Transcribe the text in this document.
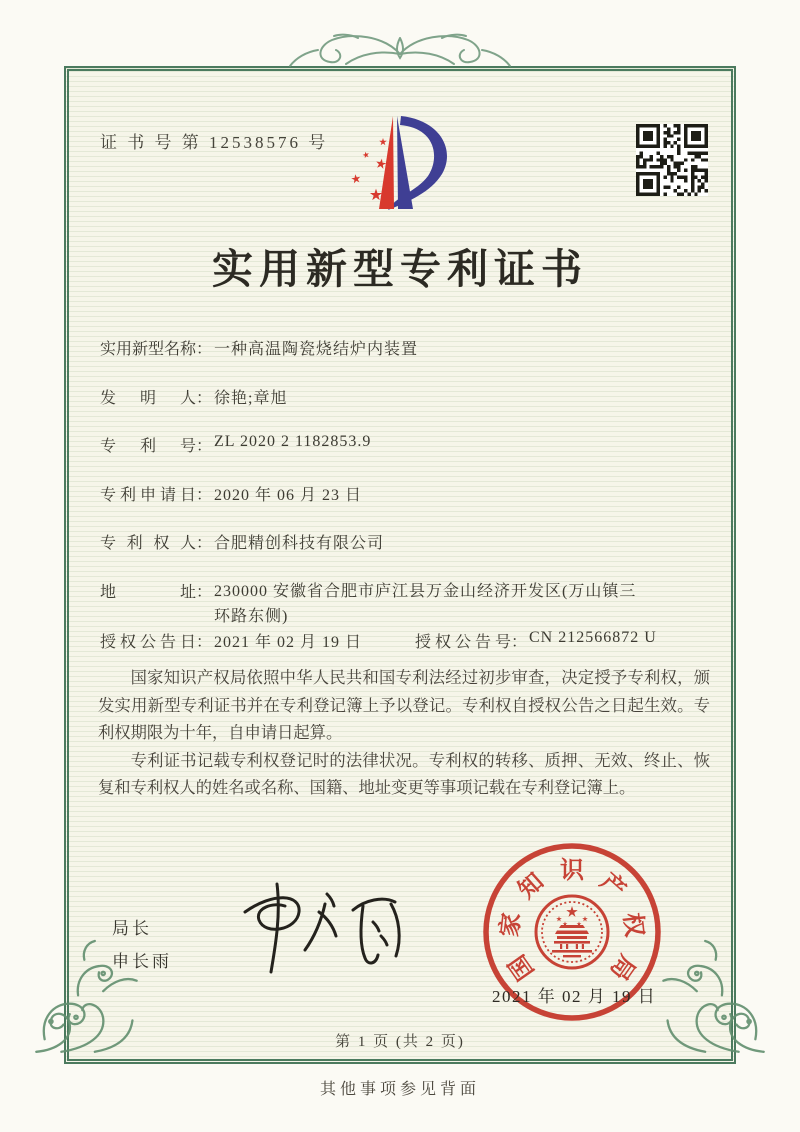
证 书 号 第 12538576 号
实用新型专利证书
实用新型名称： 一种高温陶瓷烧结炉内装置
发明人： 徐艳;章旭
专利号： ZL 2020 2 1182853.9
专利申请日： 2020 年 06 月 23 日
专利权人： 合肥精创科技有限公司
地址： 230000 安徽省合肥市庐江县万金山经济开发区(万山镇三
环路东侧)
授权公告日： 2021 年 02 月 19 日	授权公告号： CN 212566872 U

国家知识产权局依照中华人民共和国专利法经过初步审查，决定授予专利权，颁发实用新型专利证书并在专利登记簿上予以登记。专利权自授权公告之日起生效。专利权期限为十年，自申请日起算。

专利证书记载专利权登记时的法律状况。专利权的转移、质押、无效、终止、恢复和专利权人的姓名或名称、国籍、地址变更等事项记载在专利登记簿上。

局长
申长雨	国
家
知 识 产
权
局
2021 年 02 月 19 日
第 1 页 (共 2 页)
其他事项参见背面
